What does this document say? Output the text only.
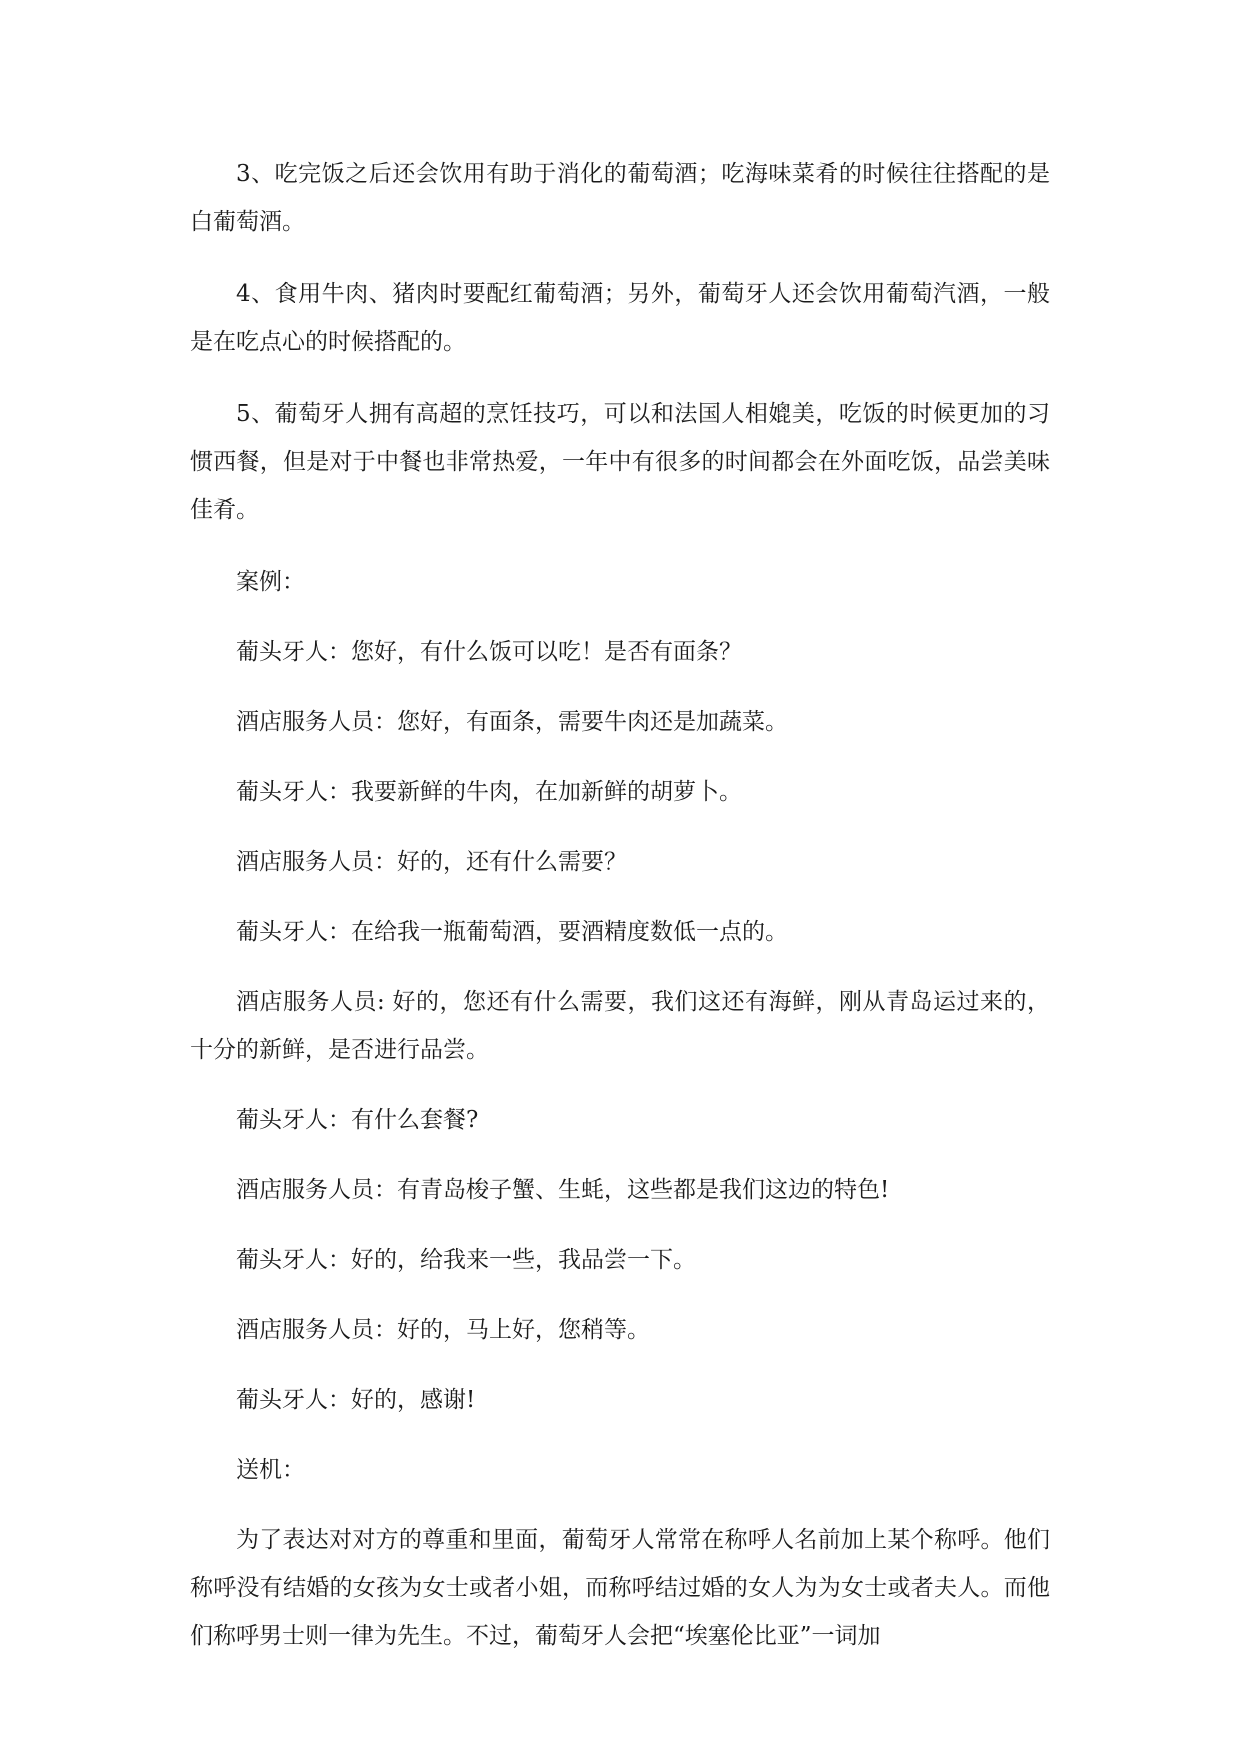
3、吃完饭之后还会饮用有助于消化的葡萄酒；吃海味菜肴的时候往往搭配的是白葡萄酒。

4、食用牛肉、猪肉时要配红葡萄酒；另外，葡萄牙人还会饮用葡萄汽酒，一般是在吃点心的时候搭配的。

5、葡萄牙人拥有高超的烹饪技巧，可以和法国人相媲美，吃饭的时候更加的习惯西餐，但是对于中餐也非常热爱，一年中有很多的时间都会在外面吃饭，品尝美味佳肴。

案例：

葡头牙人：您好，有什么饭可以吃！是否有面条？

酒店服务人员：您好，有面条，需要牛肉还是加蔬菜。

葡头牙人：我要新鲜的牛肉，在加新鲜的胡萝卜。

酒店服务人员：好的，还有什么需要？

葡头牙人：在给我一瓶葡萄酒，要酒精度数低一点的。

酒店服务人员: 好的，您还有什么需要，我们这还有海鲜，刚从青岛运过来的，十分的新鲜，是否进行品尝。

葡头牙人：有什么套餐?

酒店服务人员：有青岛梭子蟹、生蚝，这些都是我们这边的特色!

葡头牙人：好的，给我来一些，我品尝一下。

酒店服务人员：好的，马上好，您稍等。

葡头牙人：好的，感谢!

送机：

为了表达对对方的尊重和里面，葡萄牙人常常在称呼人名前加上某个称呼。他们称呼没有结婚的女孩为女士或者小姐，而称呼结过婚的女人为为女士或者夫人。而他们称呼男士则一律为先生。不过，葡萄牙人会把“埃塞伦比亚”一词加
